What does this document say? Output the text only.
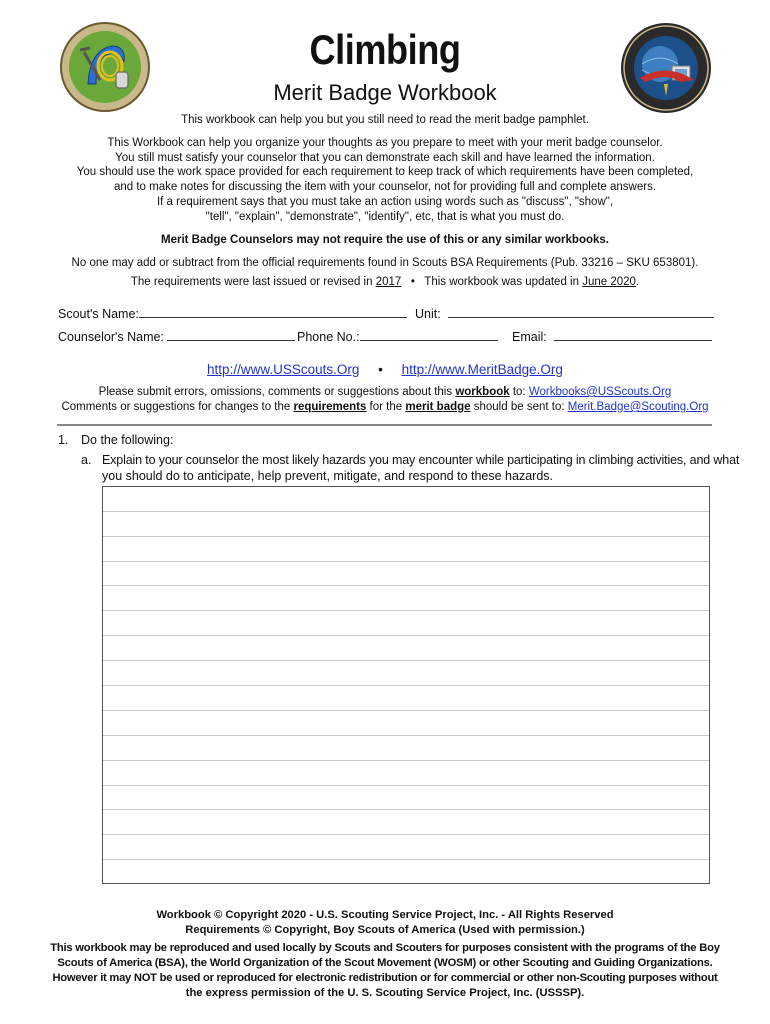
Climbing
Merit Badge Workbook
This workbook can help you but you still need to read the merit badge pamphlet.
This Workbook can help you organize your thoughts as you prepare to meet with your merit badge counselor.
You still must satisfy your counselor that you can demonstrate each skill and have learned the information.
You should use the work space provided for each requirement to keep track of which requirements have been completed,
and to make notes for discussing the item with your counselor, not for providing full and complete answers.
If a requirement says that you must take an action using words such as "discuss", "show",
"tell", "explain", "demonstrate", "identify", etc, that is what you must do.
Merit Badge Counselors may not require the use of this or any similar workbooks.
No one may add or subtract from the official requirements found in Scouts BSA Requirements (Pub. 33216 – SKU 653801).
The requirements were last issued or revised in 2017 • This workbook was updated in June 2020.
Scout's Name:	Unit:
Counselor's Name:	Phone No.:	Email:
http://www.USScouts.Org • http://www.MeritBadge.Org
Please submit errors, omissions, comments or suggestions about this workbook to: Workbooks@USScouts.Org
Comments or suggestions for changes to the requirements for the merit badge should be sent to: Merit.Badge@Scouting.Org
1. Do the following:
a. Explain to your counselor the most likely hazards you may encounter while participating in climbing activities, and what
you should do to anticipate, help prevent, mitigate, and respond to these hazards.
Workbook © Copyright 2020 - U.S. Scouting Service Project, Inc. - All Rights Reserved
Requirements © Copyright, Boy Scouts of America (Used with permission.)
This workbook may be reproduced and used locally by Scouts and Scouters for purposes consistent with the programs of the Boy
Scouts of America (BSA), the World Organization of the Scout Movement (WOSM) or other Scouting and Guiding Organizations.
However it may NOT be used or reproduced for electronic redistribution or for commercial or other non-Scouting purposes without
the express permission of the U. S. Scouting Service Project, Inc. (USSSP).
